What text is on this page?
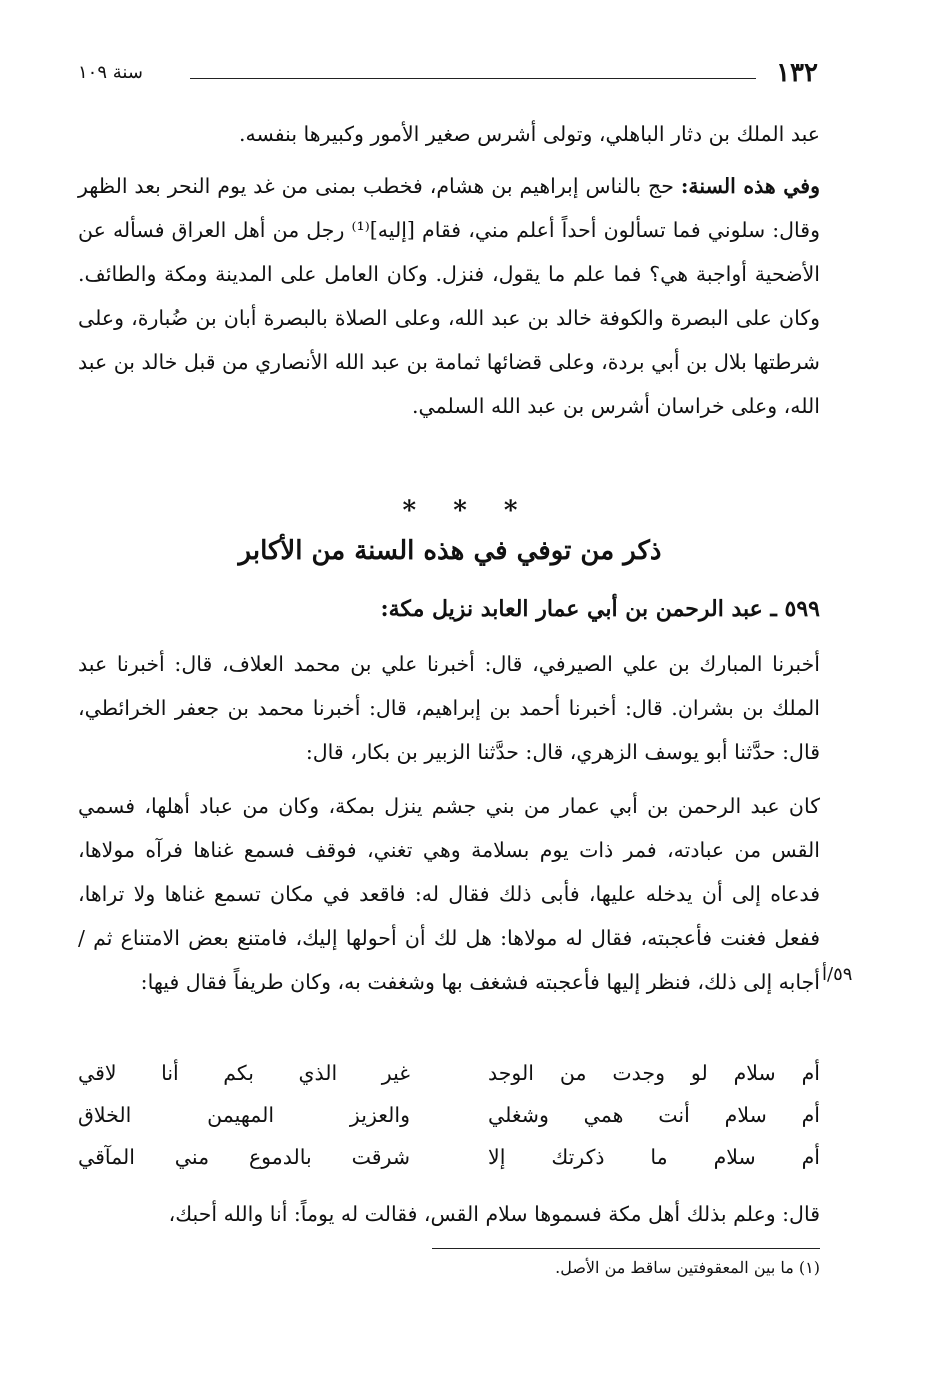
١٣٢
سنة ١٠٩
عبد الملك بن دثار الباهلي، وتولى أشرس صغير الأمور وكبيرها بنفسه.
وفي هذه السنة: حج بالناس إبراهيم بن هشام، فخطب بمنى من غد يوم النحر بعد الظهر وقال: سلوني فما تسألون أحداً أعلم مني، فقام [إليه]⁽¹⁾ رجل من أهل العراق فسأله عن الأضحية أواجبة هي؟ فما علم ما يقول، فنزل. وكان العامل على المدينة ومكة والطائف. وكان على البصرة والكوفة خالد بن عبد الله، وعلى الصلاة بالبصرة أبان بن ضُبارة، وعلى شرطتها بلال بن أبي بردة، وعلى قضائها ثمامة بن عبد الله الأنصاري من قبل خالد بن عبد الله، وعلى خراسان أشرس بن عبد الله السلمي.
* * *
ذكر من توفي في هذه السنة من الأكابر
٥٩٩ ـ عبد الرحمن بن أبي عمار العابد نزيل مكة:
أخبرنا المبارك بن علي الصيرفي، قال: أخبرنا علي بن محمد العلاف، قال: أخبرنا عبد الملك بن بشران. قال: أخبرنا أحمد بن إبراهيم، قال: أخبرنا محمد بن جعفر الخرائطي، قال: حدَّثنا أبو يوسف الزهري، قال: حدَّثنا الزبير بن بكار، قال:
كان عبد الرحمن بن أبي عمار من بني جشم ينزل بمكة، وكان من عباد أهلها، فسمي القس من عبادته، فمر ذات يوم بسلامة وهي تغني، فوقف فسمع غناها فرآه مولاها، فدعاه إلى أن يدخله عليها، فأبى ذلك فقال له: فاقعد في مكان تسمع غناها ولا تراها، ففعل فغنت فأعجبته، فقال له مولاها: هل لك أن أحولها إليك، فامتنع بعض الامتناع ثم / أجابه إلى ذلك، فنظر إليها فأعجبته فشغف بها وشغفت به، وكان طريفاً فقال فيها: ٥٩/أ
أم سلام لو وجدت من الوجد
غير الذي بكم أنا لاقي
أم سلام أنت همي وشغلي
والعزيز المهيمن الخلاق
أم سلام ما ذكرتك إلا
شرقت بالدموع مني المآقي
قال: وعلم بذلك أهل مكة فسموها سلام القس، فقالت له يوماً: أنا والله أحبك،
(١) ما بين المعقوفتين ساقط من الأصل.
